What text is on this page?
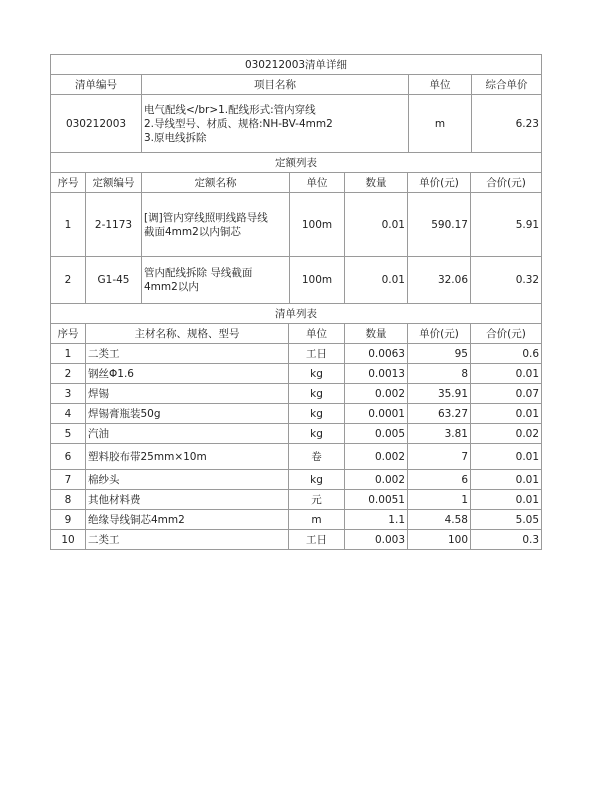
030212003清单详细			
清单编号	项目名称	单位	综合单价
030212003	电气配线</br>1.配线形式:管内穿线
2.导线型号、材质、规格:NH-BV-4mm2
3.原电线拆除	m	6.23
定额列表						
序号	定额编号	定额名称	单位	数量	单价(元)	合价(元)
1	2-1173	[调]管内穿线照明线路导线
截面4mm2以内铜芯	100m	0.01	590.17	5.91
2	G1-45	管内配线拆除 导线截面
4mm2以内	100m	0.01	32.06	0.32
清单列表					
序号	主材名称、规格、型号	单位	数量	单价(元)	合价(元)
1	二类工	工日	0.0063	95	0.6
2	钢丝Φ1.6	kg	0.0013	8	0.01
3	焊锡	kg	0.002	35.91	0.07
4	焊锡膏瓶装50g	kg	0.0001	63.27	0.01
5	汽油	kg	0.005	3.81	0.02
6	塑料胶布带25mm×10m	卷	0.002	7	0.01
7	棉纱头	kg	0.002	6	0.01
8	其他材料费	元	0.0051	1	0.01
9	绝缘导线铜芯4mm2	m	1.1	4.58	5.05
10	二类工	工日	0.003	100	0.3
